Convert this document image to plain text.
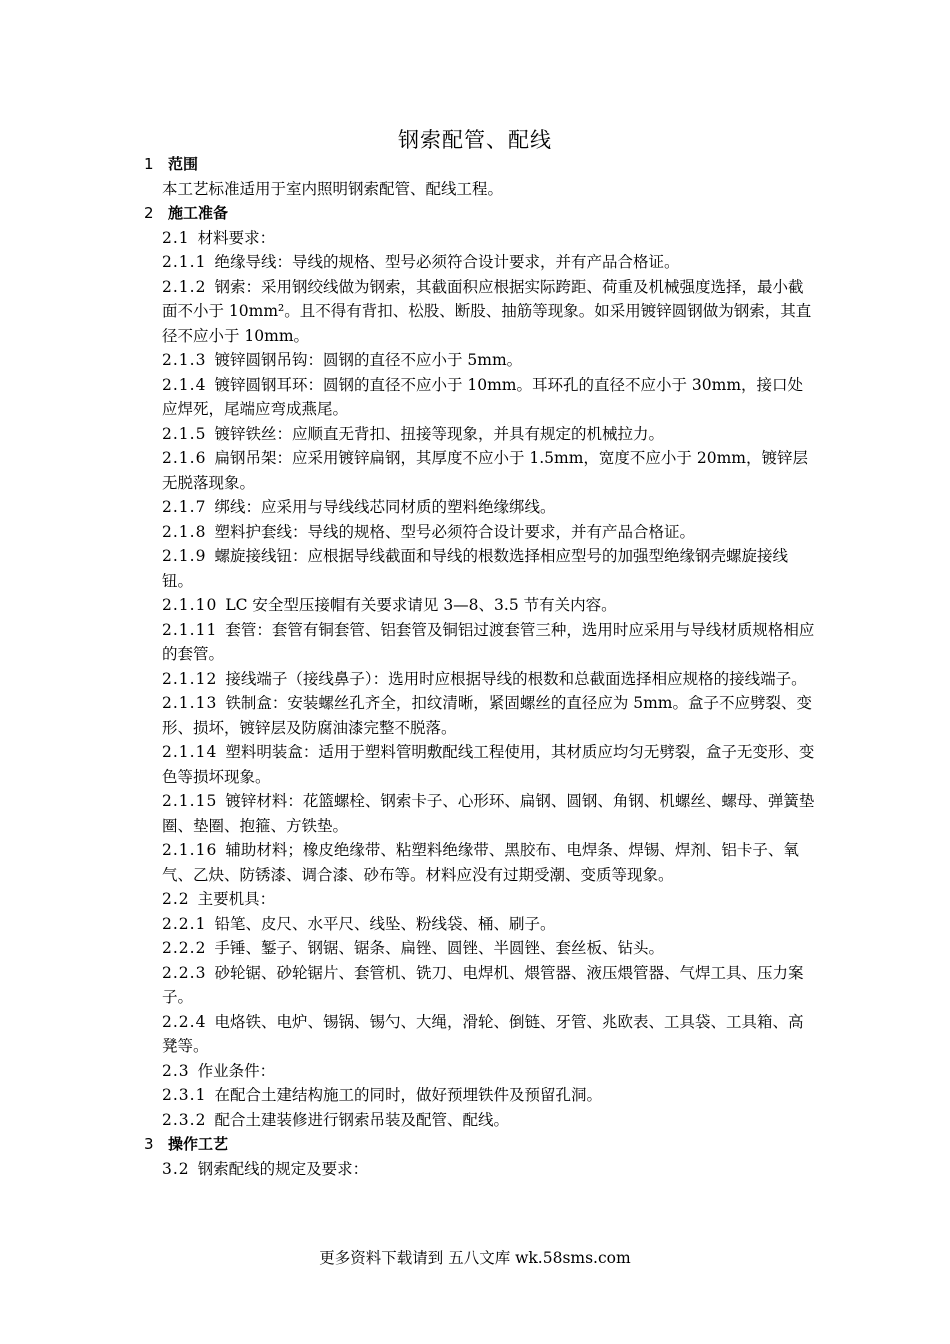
钢索配管、配线

1 范围

本工艺标准适用于室内照明钢索配管、配线工程。

2 施工准备

2.1 材料要求：

2.1.1 绝缘导线：导线的规格、型号必须符合设计要求，并有产品合格证。

2.1.2 钢索：采用钢绞线做为钢索，其截面积应根据实际跨距、荷重及机械强度选择，最小截面不小于 10mm²。且不得有背扣、松股、断股、抽筋等现象。如采用镀锌圆钢做为钢索，其直径不应小于 10mm。

2.1.3 镀锌圆钢吊钩：圆钢的直径不应小于 5mm。

2.1.4 镀锌圆钢耳环：圆钢的直径不应小于 10mm。耳环孔的直径不应小于 30mm，接口处应焊死，尾端应弯成燕尾。

2.1.5 镀锌铁丝：应顺直无背扣、扭接等现象，并具有规定的机械拉力。

2.1.6 扁钢吊架：应采用镀锌扁钢，其厚度不应小于 1.5mm，宽度不应小于 20mm，镀锌层无脱落现象。

2.1.7 绑线：应采用与导线线芯同材质的塑料绝缘绑线。

2.1.8 塑料护套线：导线的规格、型号必须符合设计要求，并有产品合格证。

2.1.9 螺旋接线钮：应根据导线截面和导线的根数选择相应型号的加强型绝缘钢壳螺旋接线钮。

2.1.10 LC 安全型压接帽有关要求请见 3—8、3.5 节有关内容。

2.1.11 套管：套管有铜套管、铝套管及铜铝过渡套管三种，选用时应采用与导线材质规格相应的套管。

2.1.12 接线端子（接线鼻子）：选用时应根据导线的根数和总截面选择相应规格的接线端子。

2.1.13 铁制盒：安装螺丝孔齐全，扣纹清晰，紧固螺丝的直径应为 5mm。盒子不应劈裂、变形、损坏，镀锌层及防腐油漆完整不脱落。

2.1.14 塑料明装盒：适用于塑料管明敷配线工程使用，其材质应均匀无劈裂，盒子无变形、变色等损坏现象。

2.1.15 镀锌材料：花篮螺栓、钢索卡子、心形环、扁钢、圆钢、角钢、机螺丝、螺母、弹簧垫圈、垫圈、抱箍、方铁垫。

2.1.16 辅助材料；橡皮绝缘带、粘塑料绝缘带、黑胶布、电焊条、焊锡、焊剂、铝卡子、氧气、乙炔、防锈漆、调合漆、砂布等。材料应没有过期受潮、变质等现象。

2.2 主要机具：

2.2.1 铅笔、皮尺、水平尺、线坠、粉线袋、桶、刷子。

2.2.2 手锤、錾子、钢锯、锯条、扁锉、圆锉、半圆锉、套丝板、钻头。

2.2.3 砂轮锯、砂轮锯片、套管机、铣刀、电焊机、煨管器、液压煨管器、气焊工具、压力案子。

2.2.4 电烙铁、电炉、锡锅、锡勺、大绳，滑轮、倒链、牙管、兆欧表、工具袋、工具箱、高凳等。

2.3 作业条件：

2.3.1 在配合土建结构施工的同时，做好预埋铁件及预留孔洞。

2.3.2 配合土建装修进行钢索吊装及配管、配线。

3 操作工艺

3.2 钢索配线的规定及要求：

更多资料下载请到 五八文库 wk.58sms.com
